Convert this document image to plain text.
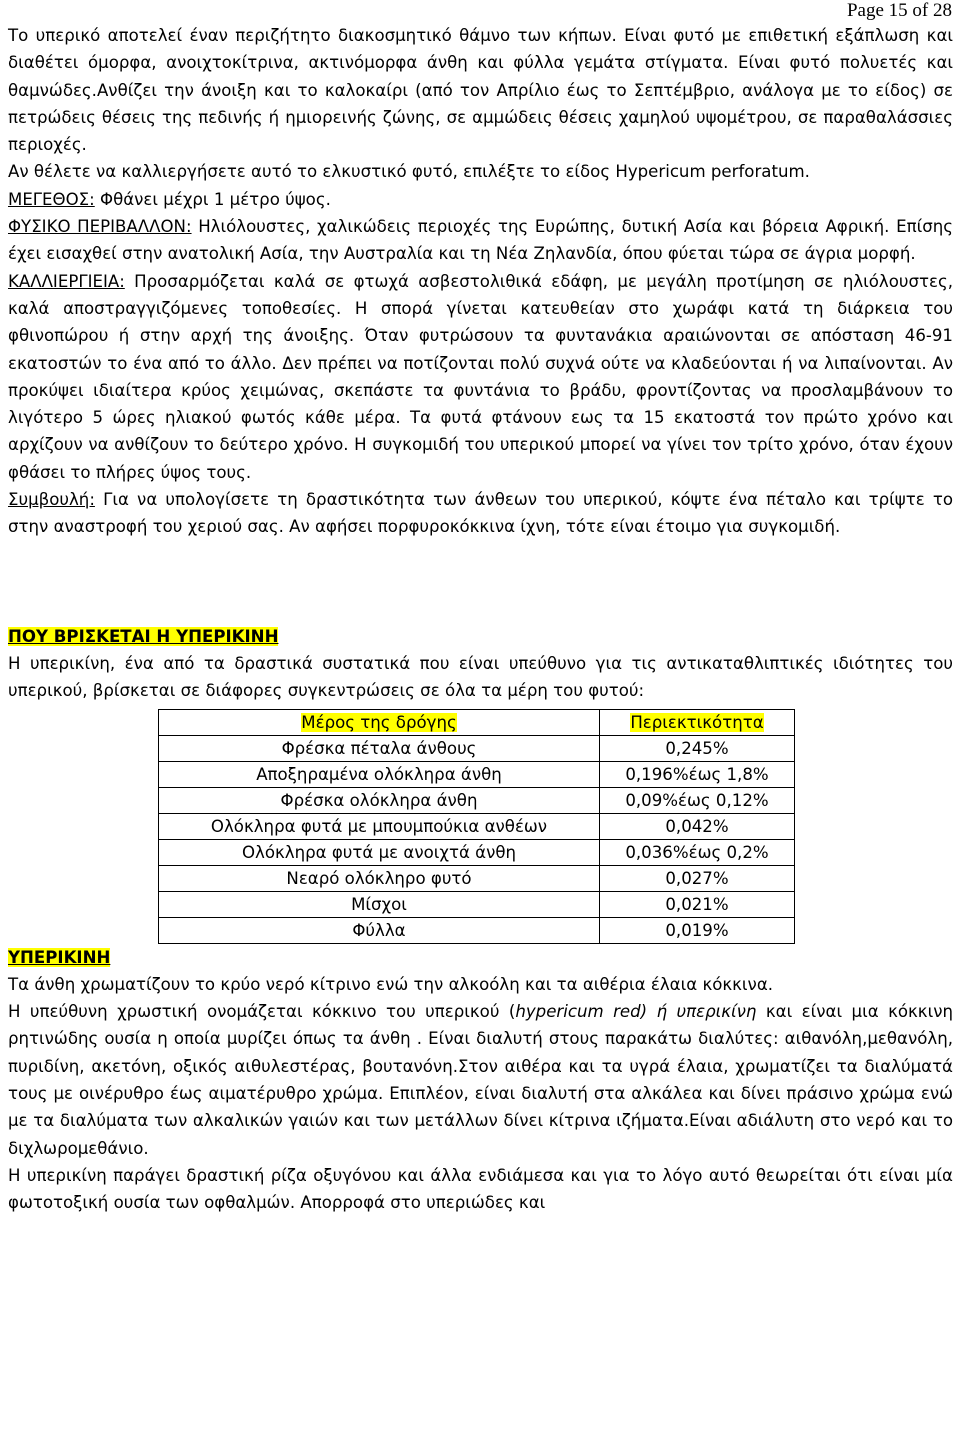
Page 15 of 28

Το υπερικό αποτελεί έναν περιζήτητο διακοσμητικό θάμνο των κήπων. Είναι φυτό με επιθετική εξάπλωση και διαθέτει όμορφα, ανοιχτοκίτρινα, ακτινόμορφα άνθη και φύλλα γεμάτα στίγματα. Είναι φυτό πολυετές και θαμνώδες.Ανθίζει την άνοιξη και το καλοκαίρι (από τον Απρίλιο έως το Σεπτέμβριο, ανάλογα με το είδος) σε πετρώδεις θέσεις της πεδινής ή ημιορεινής ζώνης, σε αμμώδεις θέσεις χαμηλού υψομέτρου, σε παραθαλάσσιες περιοχές.

Αν θέλετε να καλλιεργήσετε αυτό το ελκυστικό φυτό, επιλέξτε το είδος Hypericum perforatum.

ΜΕΓΕΘΟΣ: Φθάνει μέχρι 1 μέτρο ύψος.

ΦΥΣΙΚΟ ΠΕΡΙΒΑΛΛΟΝ: Ηλιόλουστες, χαλικώδεις περιοχές της Ευρώπης, δυτική Ασία και βόρεια Αφρική. Επίσης έχει εισαχθεί στην ανατολική Ασία, την Αυστραλία και τη Νέα Ζηλανδία, όπου φύεται τώρα σε άγρια μορφή.

ΚΑΛΛΙΕΡΓΙΕΙΑ: Προσαρμόζεται καλά σε φτωχά ασβεστολιθικά εδάφη, με μεγάλη προτίμηση σε ηλιόλουστες, καλά αποστραγγιζόμενες τοποθεσίες. Η σπορά γίνεται κατευθείαν στο χωράφι κατά τη διάρκεια του φθινοπώρου ή στην αρχή της άνοιξης. Όταν φυτρώσουν τα φυντανάκια αραιώνονται σε απόσταση 46-91 εκατοστών το ένα από το άλλο. Δεν πρέπει να ποτίζονται πολύ συχνά ούτε να κλαδεύονται ή να λιπαίνονται. Αν προκύψει ιδιαίτερα κρύος χειμώνας, σκεπάστε τα φυντάνια το βράδυ, φροντίζοντας να προσλαμβάνουν το λιγότερο 5 ώρες ηλιακού φωτός κάθε μέρα. Τα φυτά φτάνουν εως τα 15 εκατοστά τον πρώτο χρόνο και αρχίζουν να ανθίζουν το δεύτερο χρόνο. Η συγκομιδή του υπερικού μπορεί να γίνει τον τρίτο χρόνο, όταν έχουν φθάσει το πλήρες ύψος τους.

Συμβουλή: Για να υπολογίσετε τη δραστικότητα των άνθεων του υπερικού, κόψτε ένα πέταλο και τρίψτε το στην αναστροφή του χεριού σας. Αν αφήσει πορφυροκόκκινα ίχνη, τότε είναι έτοιμο για συγκομιδή.

ΠΟΥ ΒΡΙΣΚΕΤΑΙ Η ΥΠΕΡΙΚΙΝΗ

Η υπερικίνη, ένα από τα δραστικά συστατικά που είναι υπεύθυνο για τις αντικαταθλιπτικές ιδιότητες του υπερικού, βρίσκεται σε διάφορες συγκεντρώσεις σε όλα τα μέρη του φυτού:

Μέρος της δρόγης	Περιεκτικότητα
Φρέσκα πέταλα άνθους	0,245%
Αποξηραμένα ολόκληρα άνθη	0,196%έως 1,8%
Φρέσκα ολόκληρα άνθη	0,09%έως 0,12%
Ολόκληρα φυτά με μπουμπούκια ανθέων	0,042%
Ολόκληρα φυτά με ανοιχτά άνθη	0,036%έως 0,2%
Νεαρό ολόκληρο φυτό	0,027%
Μίσχοι	0,021%
Φύλλα	0,019%

ΥΠΕΡΙΚΙΝΗ

Τα άνθη χρωματίζουν το κρύο νερό κίτρινο ενώ την αλκοόλη και τα αιθέρια έλαια κόκκινα.

Η υπεύθυνη χρωστική ονομάζεται κόκκινο του υπερικού (hypericum red) ή υπερικίνη και είναι μια κόκκινη ρητινώδης ουσία η οποία μυρίζει όπως τα άνθη . Είναι διαλυτή στους παρακάτω διαλύτες: αιθανόλη,μεθανόλη, πυριδίνη, ακετόνη, οξικός αιθυλεστέρας, βουτανόνη.Στον αιθέρα και τα υγρά έλαια, χρωματίζει τα διαλύματά τους με οινέρυθρο έως αιματέρυθρο χρώμα. Επιπλέον, είναι διαλυτή στα αλκάλεα και δίνει πράσινο χρώμα ενώ με τα διαλύματα των αλκαλικών γαιών και των μετάλλων δίνει κίτρινα ιζήματα.Είναι αδιάλυτη στο νερό και το διχλωρομεθάνιο.

Η υπερικίνη παράγει δραστική ρίζα οξυγόνου και άλλα ενδιάμεσα και για το λόγο αυτό θεωρείται ότι είναι μία φωτοτοξική ουσία των οφθαλμών. Απορροφά στο υπεριώδες και
